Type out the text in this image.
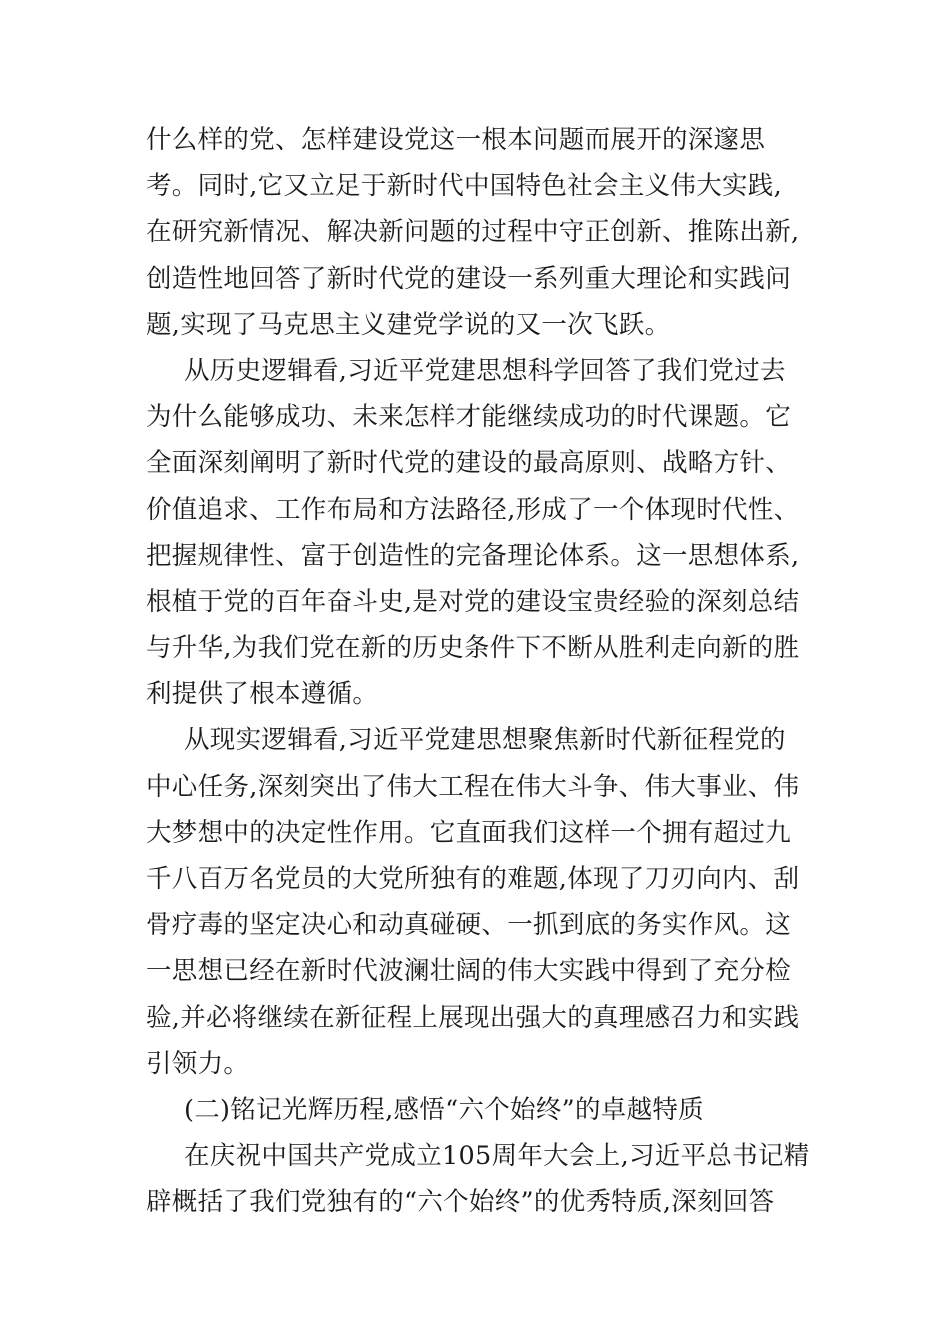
什么样的党、怎样建设党这一根本问题而展开的深邃思
考。同时,它又立足于新时代中国特色社会主义伟大实践,
在研究新情况、解决新问题的过程中守正创新、推陈出新,
创造性地回答了新时代党的建设一系列重大理论和实践问
题,实现了马克思主义建党学说的又一次飞跃。
从历史逻辑看,习近平党建思想科学回答了我们党过去
为什么能够成功、未来怎样才能继续成功的时代课题。它
全面深刻阐明了新时代党的建设的最高原则、战略方针、
价值追求、工作布局和方法路径,形成了一个体现时代性、
把握规律性、富于创造性的完备理论体系。这一思想体系,
根植于党的百年奋斗史,是对党的建设宝贵经验的深刻总结
与升华,为我们党在新的历史条件下不断从胜利走向新的胜
利提供了根本遵循。
从现实逻辑看,习近平党建思想聚焦新时代新征程党的
中心任务,深刻突出了伟大工程在伟大斗争、伟大事业、伟
大梦想中的决定性作用。它直面我们这样一个拥有超过九
千八百万名党员的大党所独有的难题,体现了刀刃向内、刮
骨疗毒的坚定决心和动真碰硬、一抓到底的务实作风。这
一思想已经在新时代波澜壮阔的伟大实践中得到了充分检
验,并必将继续在新征程上展现出强大的真理感召力和实践
引领力。
(二)铭记光辉历程,感悟“六个始终”的卓越特质
在庆祝中国共产党成立105周年大会上,习近平总书记精
辟概括了我们党独有的“六个始终”的优秀特质,深刻回答
